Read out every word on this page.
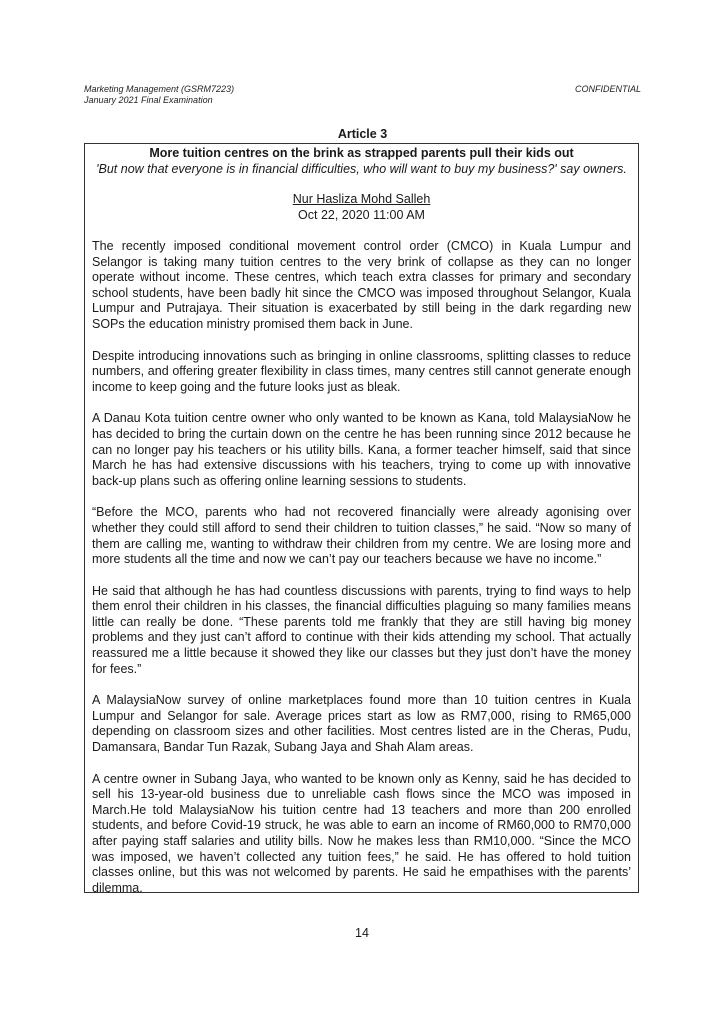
Marketing Management (GSRM7223)
January 2021 Final Examination
CONFIDENTIAL
Article 3

More tuition centres on the brink as strapped parents pull their kids out

'But now that everyone is in financial difficulties, who will want to buy my business?' say owners.

Nur Hasliza Mohd Salleh

Oct 22, 2020 11:00 AM

The recently imposed conditional movement control order (CMCO) in Kuala Lumpur and Selangor is taking many tuition centres to the very brink of collapse as they can no longer operate without income. These centres, which teach extra classes for primary and secondary school students, have been badly hit since the CMCO was imposed throughout Selangor, Kuala Lumpur and Putrajaya. Their situation is exacerbated by still being in the dark regarding new SOPs the education ministry promised them back in June.

Despite introducing innovations such as bringing in online classrooms, splitting classes to reduce numbers, and offering greater flexibility in class times, many centres still cannot generate enough income to keep going and the future looks just as bleak.

A Danau Kota tuition centre owner who only wanted to be known as Kana, told MalaysiaNow he has decided to bring the curtain down on the centre he has been running since 2012 because he can no longer pay his teachers or his utility bills. Kana, a former teacher himself, said that since March he has had extensive discussions with his teachers, trying to come up with innovative back-up plans such as offering online learning sessions to students.

“Before the MCO, parents who had not recovered financially were already agonising over whether they could still afford to send their children to tuition classes,” he said. “Now so many of them are calling me, wanting to withdraw their children from my centre. We are losing more and more students all the time and now we can’t pay our teachers because we have no income.”

He said that although he has had countless discussions with parents, trying to find ways to help them enrol their children in his classes, the financial difficulties plaguing so many families means little can really be done. “These parents told me frankly that they are still having big money problems and they just can’t afford to continue with their kids attending my school. That actually reassured me a little because it showed they like our classes but they just don’t have the money for fees.”

A MalaysiaNow survey of online marketplaces found more than 10 tuition centres in Kuala Lumpur and Selangor for sale. Average prices start as low as RM7,000, rising to RM65,000 depending on classroom sizes and other facilities. Most centres listed are in the Cheras, Pudu, Damansara, Bandar Tun Razak, Subang Jaya and Shah Alam areas.

A centre owner in Subang Jaya, who wanted to be known only as Kenny, said he has decided to sell his 13-year-old business due to unreliable cash flows since the MCO was imposed in March.He told MalaysiaNow his tuition centre had 13 teachers and more than 200 enrolled students, and before Covid-19 struck, he was able to earn an income of RM60,000 to RM70,000 after paying staff salaries and utility bills. Now he makes less than RM10,000. “Since the MCO was imposed, we haven’t collected any tuition fees,” he said. He has offered to hold tuition classes online, but this was not welcomed by parents. He said he empathises with the parents’ dilemma.

14
